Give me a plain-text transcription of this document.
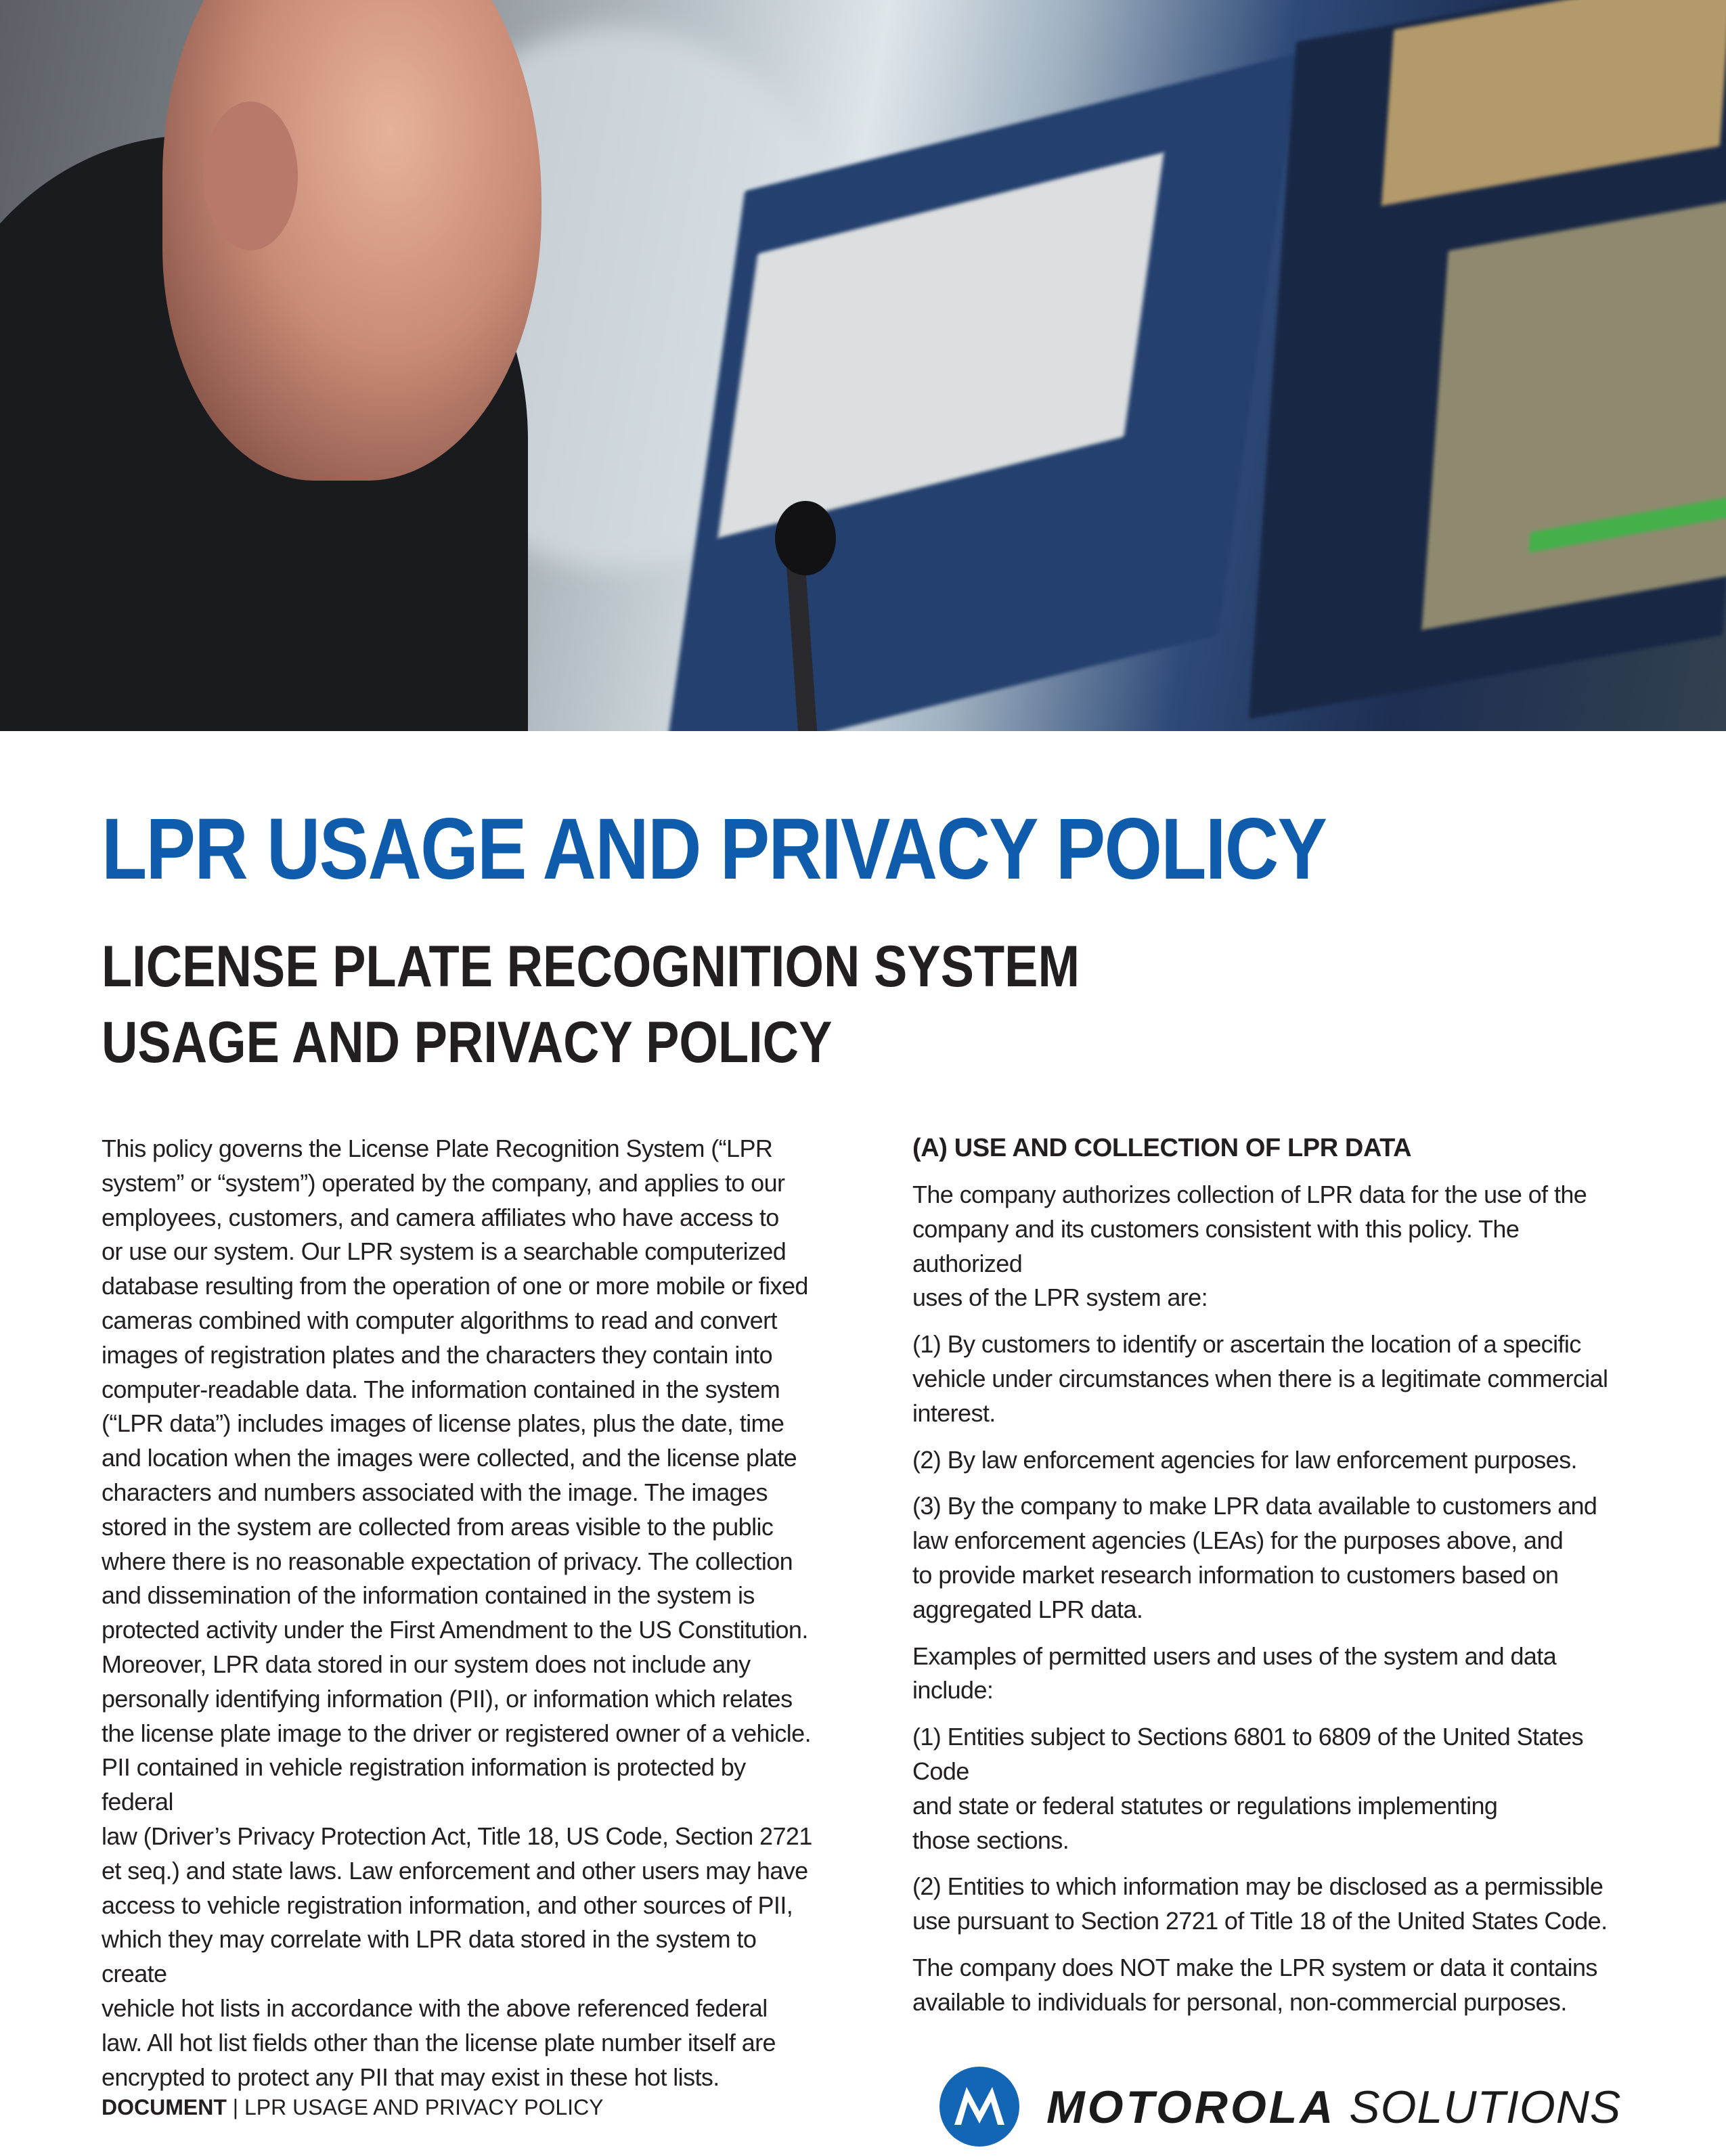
LPR USAGE AND PRIVACY POLICY
LICENSE PLATE RECOGNITION SYSTEM
USAGE AND PRIVACY POLICY
This policy governs the License Plate Recognition System (“LPR
system” or “system”) operated by the company, and applies to our
employees, customers, and camera affiliates who have access to
or use our system. Our LPR system is a searchable computerized
database resulting from the operation of one or more mobile or fixed
cameras combined with computer algorithms to read and convert
images of registration plates and the characters they contain into
computer-readable data. The information contained in the system
(“LPR data”) includes images of license plates, plus the date, time
and location when the images were collected, and the license plate
characters and numbers associated with the image. The images
stored in the system are collected from areas visible to the public
where there is no reasonable expectation of privacy. The collection
and dissemination of the information contained in the system is
protected activity under the First Amendment to the US Constitution.
Moreover, LPR data stored in our system does not include any
personally identifying information (PII), or information which relates
the license plate image to the driver or registered owner of a vehicle.
PII contained in vehicle registration information is protected by federal
law (Driver’s Privacy Protection Act, Title 18, US Code, Section 2721
et seq.) and state laws. Law enforcement and other users may have
access to vehicle registration information, and other sources of PII,
which they may correlate with LPR data stored in the system to create
vehicle hot lists in accordance with the above referenced federal
law. All hot list fields other than the license plate number itself are
encrypted to protect any PII that may exist in these hot lists.
(A) USE AND COLLECTION OF LPR DATA

The company authorizes collection of LPR data for the use of the
company and its customers consistent with this policy. The authorized
uses of the LPR system are:

(1) By customers to identify or ascertain the location of a specific
vehicle under circumstances when there is a legitimate commercial
interest.

(2) By law enforcement agencies for law enforcement purposes.

(3) By the company to make LPR data available to customers and
law enforcement agencies (LEAs) for the purposes above, and
to provide market research information to customers based on
aggregated LPR data.

Examples of permitted users and uses of the system and data include:

(1) Entities subject to Sections 6801 to 6809 of the United States Code
and state or federal statutes or regulations implementing
those sections.

(2) Entities to which information may be disclosed as a permissible
use pursuant to Section 2721 of Title 18 of the United States Code.

The company does NOT make the LPR system or data it contains
available to individuals for personal, non-commercial purposes.

DOCUMENT | LPR USAGE AND PRIVACY POLICY	MOTOROLA SOLUTIONS
